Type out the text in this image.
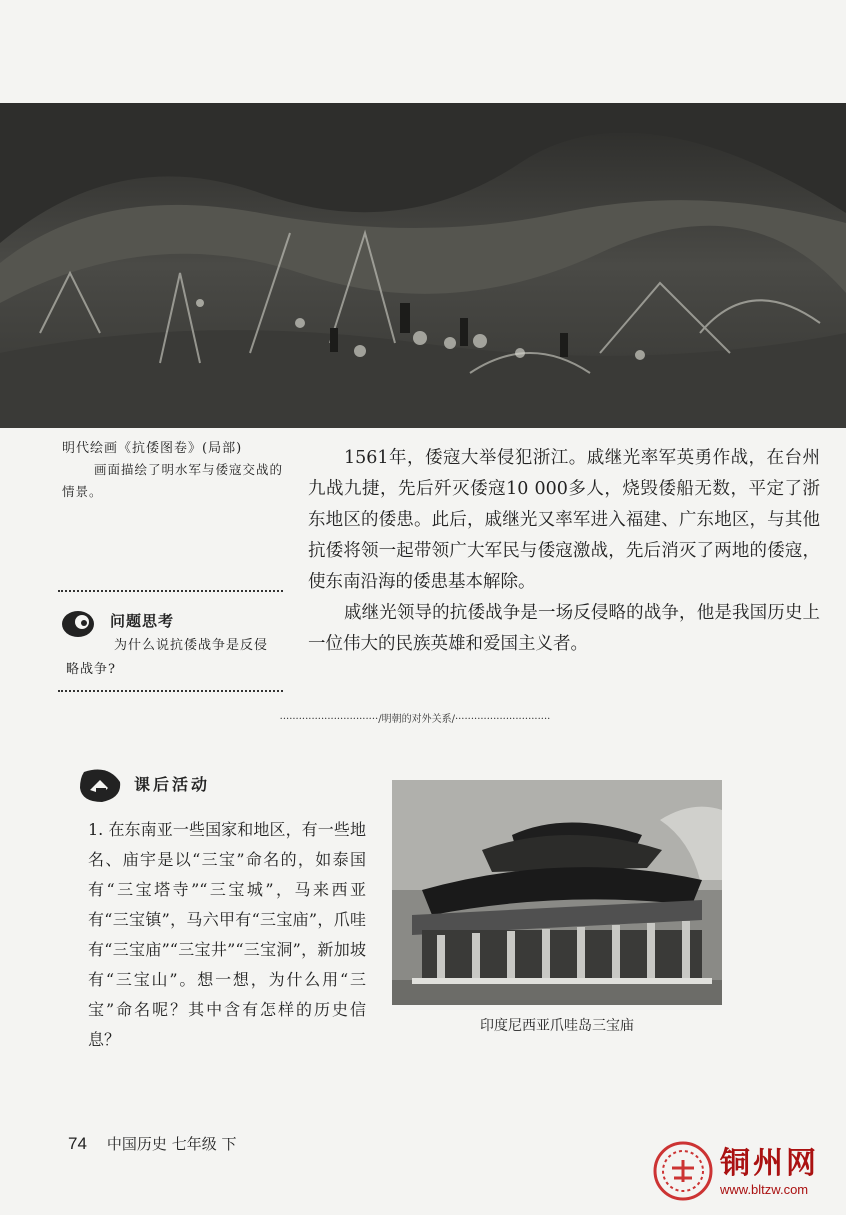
明代绘画《抗倭图卷》(局部)
画面描绘了明水军与倭寇交战的情景。

1561年，倭寇大举侵犯浙江。戚继光率军英勇作战，在台州九战九捷，先后歼灭倭寇10 000多人，烧毁倭船无数，平定了浙东地区的倭患。此后，戚继光又率军进入福建、广东地区，与其他抗倭将领一起带领广大军民与倭寇激战，先后消灭了两地的倭寇，使东南沿海的倭患基本解除。

戚继光领导的抗倭战争是一场反侵略的战争，他是我国历史上一位伟大的民族英雄和爱国主义者。

问题思考
为什么说抗倭战争是反侵略战争?
·······························/明朝的对外关系/······························
课后活动
1. 在东南亚一些国家和地区，有一些地名、庙宇是以“三宝”命名的，如泰国有“三宝塔寺”“三宝城”，马来西亚有“三宝镇”，马六甲有“三宝庙”，爪哇有“三宝庙”“三宝井”“三宝洞”，新加坡有“三宝山”。想一想，为什么用“三宝”命名呢？其中含有怎样的历史信息？
印度尼西亚爪哇岛三宝庙
74 中国历史 七年级 下
铜州网
www.bltzw.com
